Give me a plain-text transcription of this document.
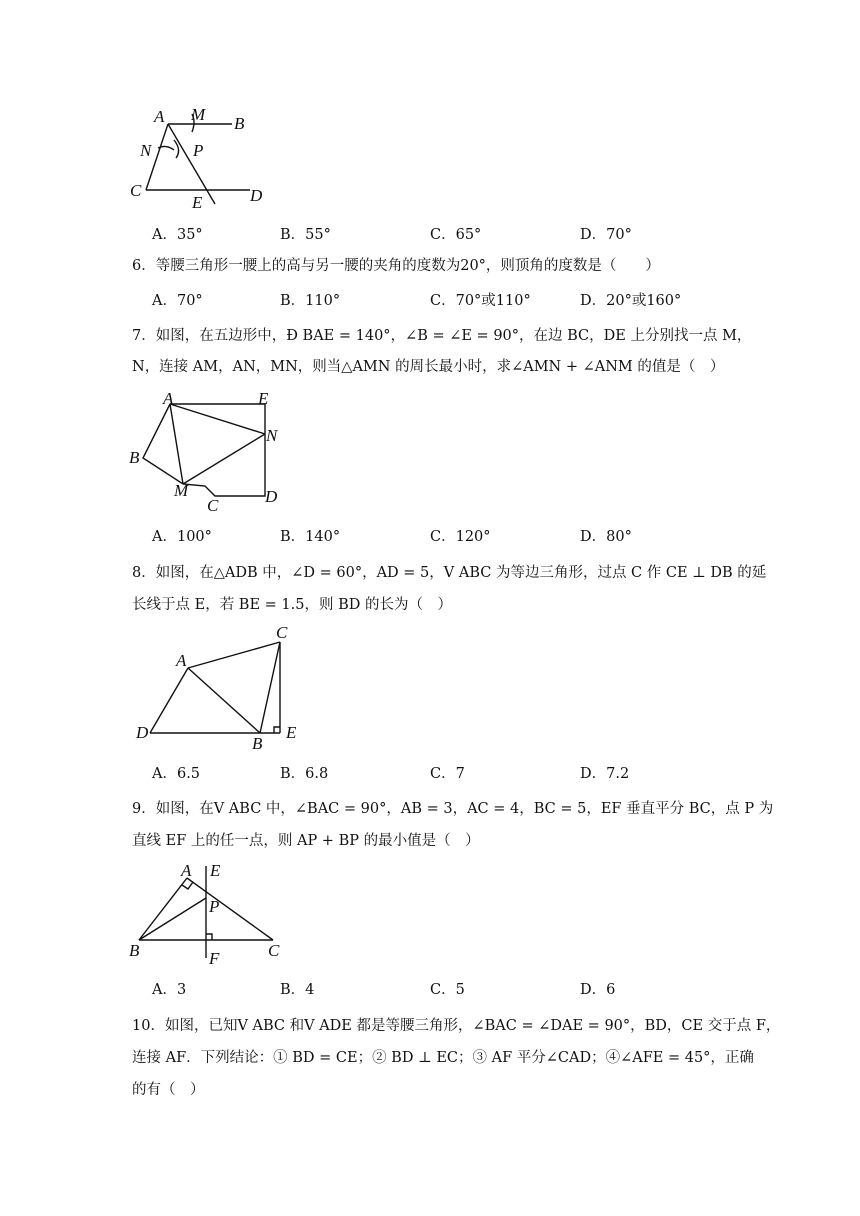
A M B
N P
C
E	D
A．35°	B．55°	C．65°	D．70°
6．等腰三角形一腰上的高与另一腰的夹角的度数为20°，则顶角的度数是（　　）
A．70°	B．110°	C．70°或110°	D．20°或160°
7．如图，在五边形中，Ð BAE = 140°，∠B = ∠E = 90°，在边 BC，DE 上分别找一点 M，
N，连接 AM，AN，MN，则当△AMN 的周长最小时，求∠AMN + ∠ANM 的值是（　）
A	E
N
B
M
C	D
A．100°	B．140°	C．120°	D．80°
8．如图，在△ADB 中，∠D = 60°，AD = 5，V ABC 为等边三角形，过点 C 作 CE ⊥ DB 的延
长线于点 E，若 BE = 1.5，则 BD 的长为（　）
C
A
D
B
E
A．6.5	B．6.8	C．7	D．7.2
9．如图，在V ABC 中，∠BAC = 90°，AB = 3，AC = 4，BC = 5，EF 垂直平分 BC，点 P 为
直线 EF 上的任一点，则 AP + BP 的最小值是（　）
A E
P
B	F	C
A．3	B．4	C．5	D．6
10．如图，已知V ABC 和V ADE 都是等腰三角形，∠BAC = ∠DAE = 90°，BD，CE 交于点 F，
连接 AF．下列结论：① BD = CE；② BD ⊥ EC；③ AF 平分∠CAD；④∠AFE = 45°，正确
的有（　）
